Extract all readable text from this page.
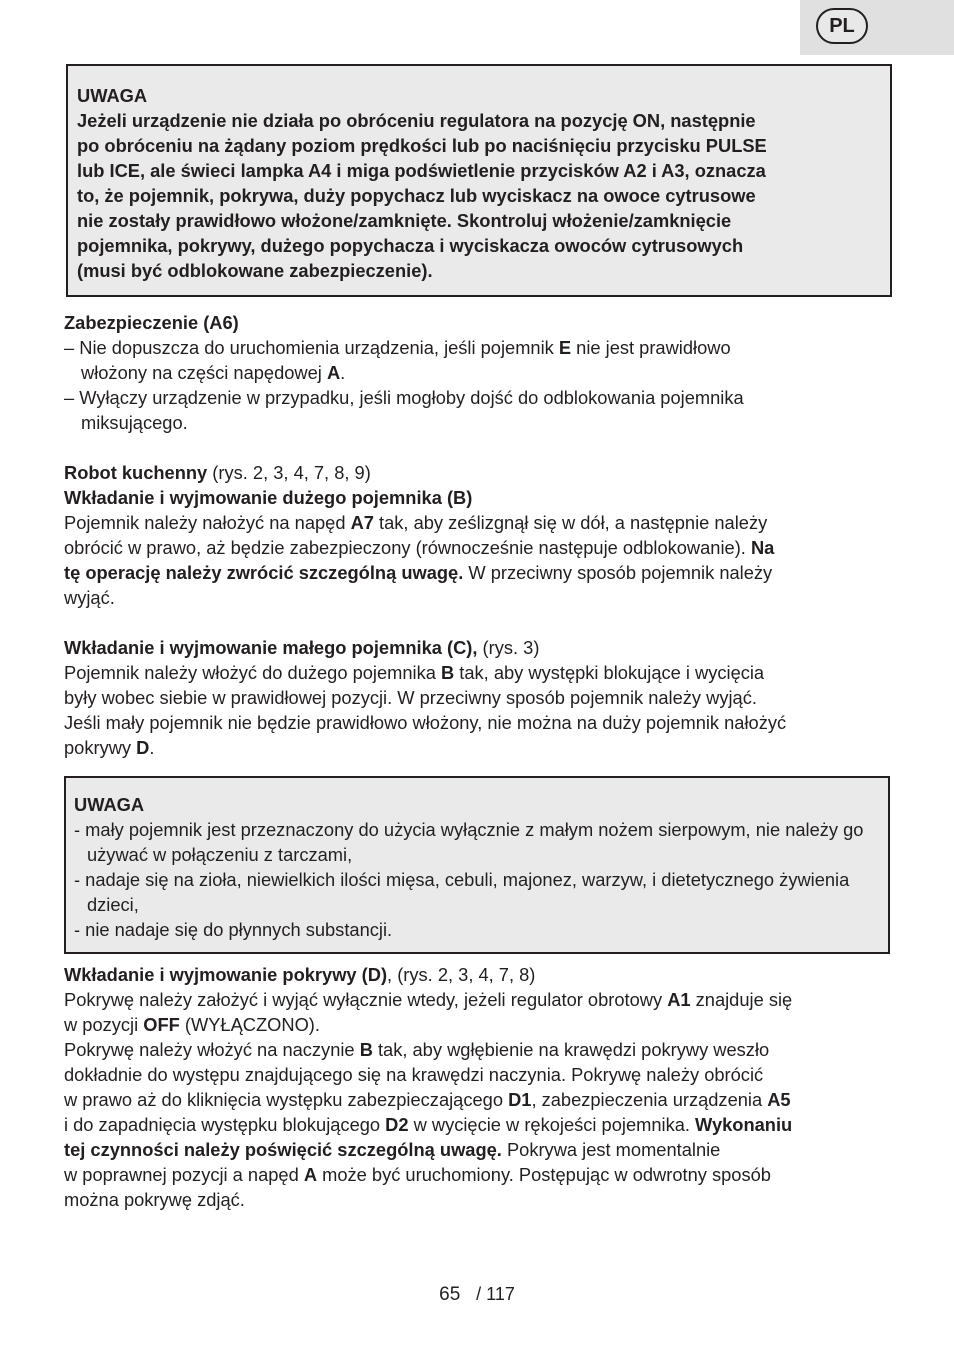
PL
UWAGA
Jeżeli urządzenie nie działa po obróceniu regulatora na pozycję ON, następnie
po obróceniu na żądany poziom prędkości lub po naciśnięciu przycisku PULSE
lub ICE, ale świeci lampka A4 i miga podświetlenie przycisków A2 i A3, oznacza
to, że pojemnik, pokrywa, duży popychacz lub wyciskacz na owoce cytrusowe
nie zostały prawidłowo włożone/zamknięte. Skontroluj włożenie/zamknięcie
pojemnika, pokrywy, dużego popychacza i wyciskacza owoców cytrusowych
(musi być odblokowane zabezpieczenie).

Zabezpieczenie (A6)

– Nie dopuszcza do uruchomienia urządzenia, jeśli pojemnik E nie jest prawidłowo
włożony na części napędowej A.
– Wyłączy urządzenie w przypadku, jeśli mogłoby dojść do odblokowania pojemnika
miksującego.

Robot kuchenny (rys. 2, 3, 4, 7, 8, 9)

Wkładanie i wyjmowanie dużego pojemnika (B)

Pojemnik należy nałożyć na napęd A7 tak, aby ześlizgnął się w dół, a następnie należy
obrócić w prawo, aż będzie zabezpieczony (równocześnie następuje odblokowanie). Na
tę operację należy zwrócić szczególną uwagę. W przeciwny sposób pojemnik należy
wyjąć.

Wkładanie i wyjmowanie małego pojemnika (C), (rys. 3)

Pojemnik należy włożyć do dużego pojemnika B tak, aby występki blokujące i wycięcia
były wobec siebie w prawidłowej pozycji. W przeciwny sposób pojemnik należy wyjąć.
Jeśli mały pojemnik nie będzie prawidłowo włożony, nie można na duży pojemnik nałożyć
pokrywy D.

UWAGA
- mały pojemnik jest przeznaczony do użycia wyłącznie z małym nożem sierpowym, nie należy go używać w połączeniu z tarczami,
- nadaje się na zioła, niewielkich ilości mięsa, cebuli, majonez, warzyw, i dietetycznego żywienia dzieci,
- nie nadaje się do płynnych substancji.

Wkładanie i wyjmowanie pokrywy (D), (rys. 2, 3, 4, 7, 8)

Pokrywę należy założyć i wyjąć wyłącznie wtedy, jeżeli regulator obrotowy A1 znajduje się
w pozycji OFF (WYŁĄCZONO).

Pokrywę należy włożyć na naczynie B tak, aby wgłębienie na krawędzi pokrywy weszło
dokładnie do występu znajdującego się na krawędzi naczynia. Pokrywę należy obrócić
w prawo aż do kliknięcia występku zabezpieczającego D1, zabezpieczenia urządzenia A5
i do zapadnięcia występku blokującego D2 w wycięcie w rękojeści pojemnika. Wykonaniu
tej czynności należy poświęcić szczególną uwagę. Pokrywa jest momentalnie
w poprawnej pozycji a napęd A może być uruchomiony. Postępując w odwrotny sposób
można pokrywę zdjąć.

65 / 117
